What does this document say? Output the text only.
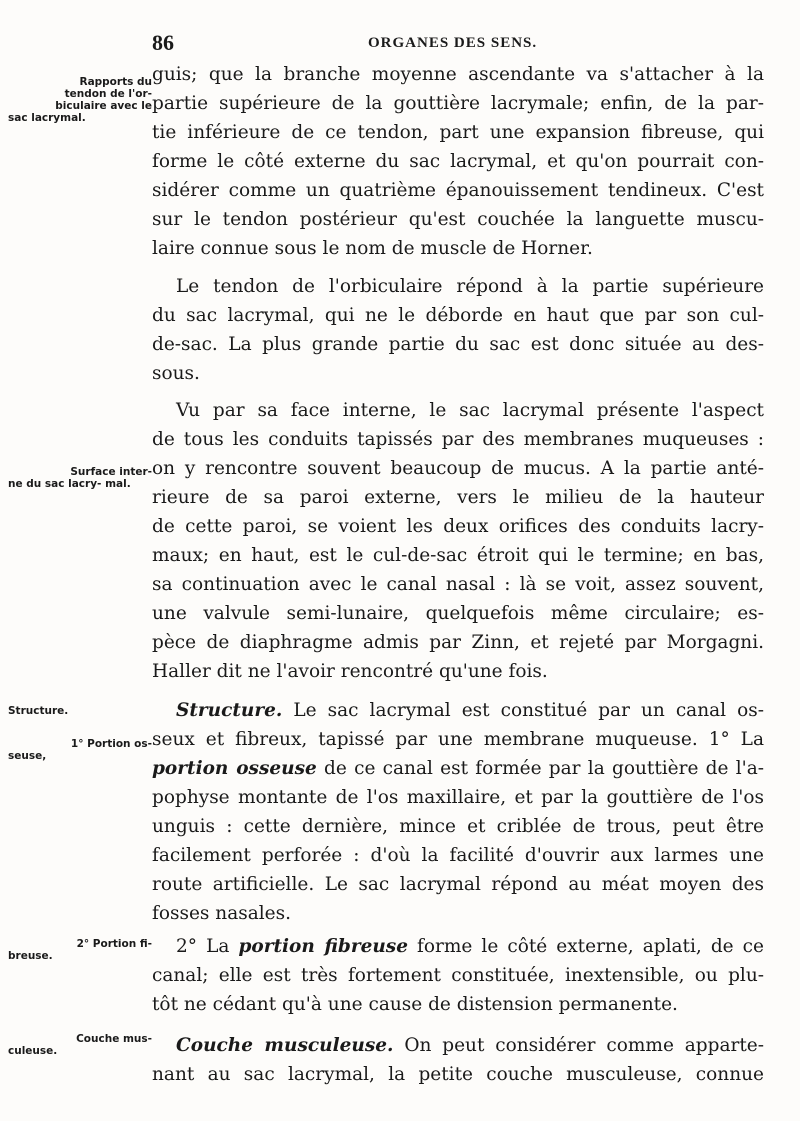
86	ORGANES DES SENS.
Rapports du
tendon de l'or-
biculaire avec le
sac lacrymal.
Surface inter-
ne du sac lacry- mal.
Structure.
1° Portion os-
seuse,
2° Portion fi-
breuse.
Couche mus-
culeuse.
guis; que la branche moyenne ascendante va s'attacher à la
partie supérieure de la gouttière lacrymale; enfin, de la par-
tie inférieure de ce tendon, part une expansion fibreuse, qui
forme le côté externe du sac lacrymal, et qu'on pourrait con-
sidérer comme un quatrième épanouissement tendineux. C'est
sur le tendon postérieur qu'est couchée la languette muscu-
laire connue sous le nom de muscle de Horner.
Le tendon de l'orbiculaire répond à la partie supérieure
du sac lacrymal, qui ne le déborde en haut que par son cul-
de-sac. La plus grande partie du sac est donc située au des-
sous.
Vu par sa face interne, le sac lacrymal présente l'aspect
de tous les conduits tapissés par des membranes muqueuses :
on y rencontre souvent beaucoup de mucus. A la partie anté-
rieure de sa paroi externe, vers le milieu de la hauteur
de cette paroi, se voient les deux orifices des conduits lacry-
maux; en haut, est le cul-de-sac étroit qui le termine; en bas,
sa continuation avec le canal nasal : là se voit, assez souvent,
une valvule semi-lunaire, quelquefois même circulaire; es-
pèce de diaphragme admis par Zinn, et rejeté par Morgagni.
Haller dit ne l'avoir rencontré qu'une fois.
Structure. Le sac lacrymal est constitué par un canal os-
seux et fibreux, tapissé par une membrane muqueuse. 1° La
portion osseuse de ce canal est formée par la gouttière de l'a-
pophyse montante de l'os maxillaire, et par la gouttière de l'os
unguis : cette dernière, mince et criblée de trous, peut être
facilement perforée : d'où la facilité d'ouvrir aux larmes une
route artificielle. Le sac lacrymal répond au méat moyen des
fosses nasales.
2° La portion fibreuse forme le côté externe, aplati, de ce
canal; elle est très fortement constituée, inextensible, ou plu-
tôt ne cédant qu'à une cause de distension permanente.
Couche musculeuse. On peut considérer comme apparte-
nant au sac lacrymal, la petite couche musculeuse, connue
